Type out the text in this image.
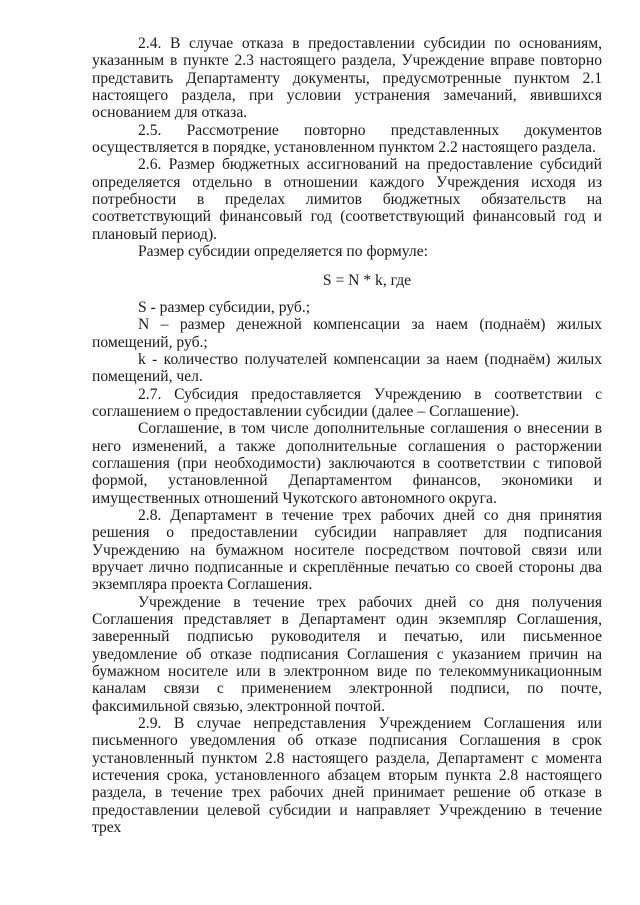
2.4. В случае отказа в предоставлении субсидии по основаниям, указанным в пункте 2.3 настоящего раздела, Учреждение вправе повторно представить Департаменту документы, предусмотренные пунктом 2.1 настоящего раздела, при условии устранения замечаний, явившихся основанием для отказа.

2.5. Рассмотрение повторно представленных документов осуществляется в порядке, установленном пунктом 2.2 настоящего раздела.

2.6. Размер бюджетных ассигнований на предоставление субсидий определяется отдельно в отношении каждого Учреждения исходя из потребности в пределах лимитов бюджетных обязательств на соответствующий финансовый год (соответствующий финансовый год и плановый период).

Размер субсидии определяется по формуле:

S = N * k, где

S - размер субсидии, руб.;

N – размер денежной компенсации за наем (поднаём) жилых помещений, руб.;

k - количество получателей компенсации за наем (поднаём) жилых помещений, чел.

2.7. Субсидия предоставляется Учреждению в соответствии с соглашением о предоставлении субсидии (далее – Соглашение).

Соглашение, в том числе дополнительные соглашения о внесении в него изменений, а также дополнительные соглашения о расторжении соглашения (при необходимости) заключаются в соответствии с типовой формой, установленной Департаментом финансов, экономики и имущественных отношений Чукотского автономного округа.

2.8. Департамент в течение трех рабочих дней со дня принятия решения о предоставлении субсидии направляет для подписания Учреждению на бумажном носителе посредством почтовой связи или вручает лично подписанные и скреплённые печатью со своей стороны два экземпляра проекта Соглашения.

Учреждение в течение трех рабочих дней со дня получения Соглашения представляет в Департамент один экземпляр Соглашения, заверенный подписью руководителя и печатью, или письменное уведомление об отказе подписания Соглашения с указанием причин на бумажном носителе или в электронном виде по телекоммуникационным каналам связи с применением электронной подписи, по почте, факсимильной связью, электронной почтой.

2.9. В случае непредставления Учреждением Соглашения или письменного уведомления об отказе подписания Соглашения в срок установленный пунктом 2.8 настоящего раздела, Департамент с момента истечения срока, установленного абзацем вторым пункта 2.8 настоящего раздела, в течение трех рабочих дней принимает решение об отказе в предоставлении целевой субсидии и направляет Учреждению в течение трех
